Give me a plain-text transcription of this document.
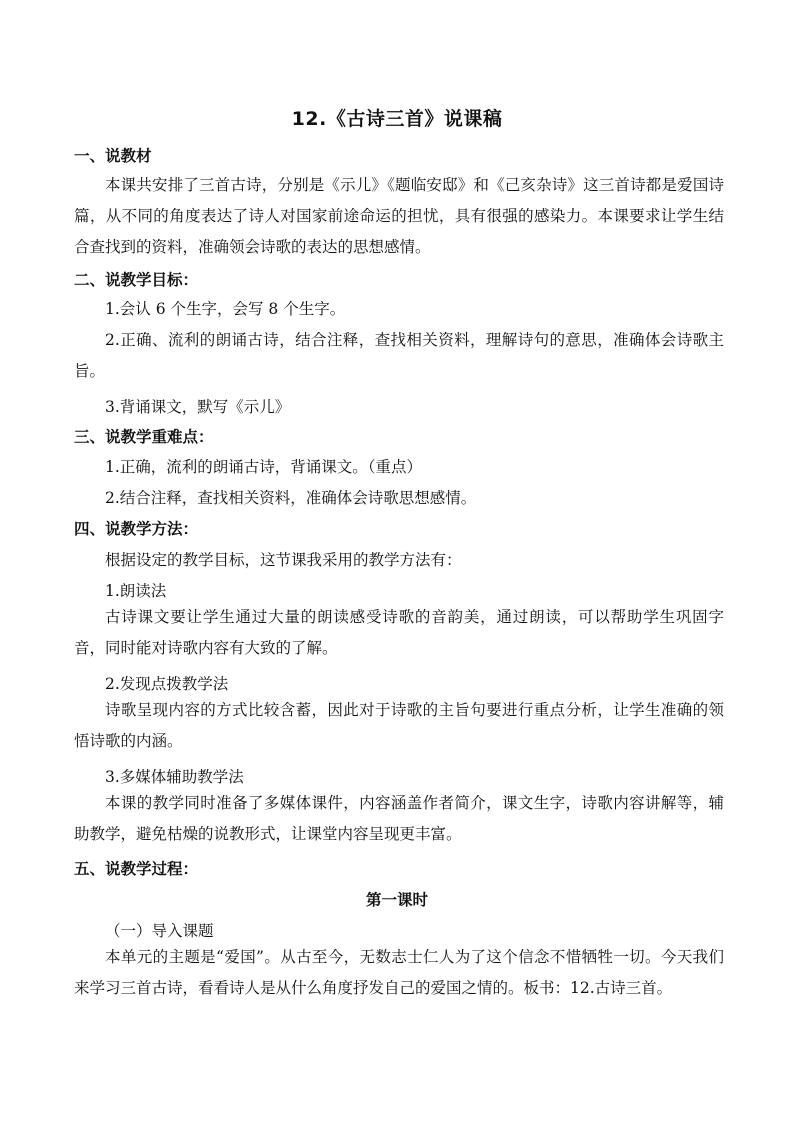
12.《古诗三首》说课稿
一、说教材

本课共安排了三首古诗，分别是《示儿》《题临安邸》和《己亥杂诗》这三首诗都是爱国诗篇，从不同的角度表达了诗人对国家前途命运的担忧，具有很强的感染力。本课要求让学生结合查找到的资料，准确领会诗歌的表达的思想感情。

二、说教学目标：
1.会认 6 个生字，会写 8 个生字。

2.正确、流利的朗诵古诗，结合注释，查找相关资料，理解诗句的意思，准确体会诗歌主旨。

3.背诵课文，默写《示儿》
三、说教学重难点：
1.正确，流利的朗诵古诗，背诵课文。（重点）
2.结合注释，查找相关资料，准确体会诗歌思想感情。
四、说教学方法：
根据设定的教学目标，这节课我采用的教学方法有：
1.朗读法

古诗课文要让学生通过大量的朗读感受诗歌的音韵美，通过朗读，可以帮助学生巩固字音，同时能对诗歌内容有大致的了解。

2.发现点拨教学法

诗歌呈现内容的方式比较含蓄，因此对于诗歌的主旨句要进行重点分析，让学生准确的领悟诗歌的内涵。

3.多媒体辅助教学法

本课的教学同时准备了多媒体课件，内容涵盖作者简介，课文生字，诗歌内容讲解等，辅助教学，避免枯燥的说教形式，让课堂内容呈现更丰富。

五、说教学过程：
第一课时
（一）导入课题

本单元的主题是“爱国”。从古至今，无数志士仁人为了这个信念不惜牺牲一切。今天我们来学习三首古诗，看看诗人是从什么角度抒发自己的爱国之情的。板书：12.古诗三首。
